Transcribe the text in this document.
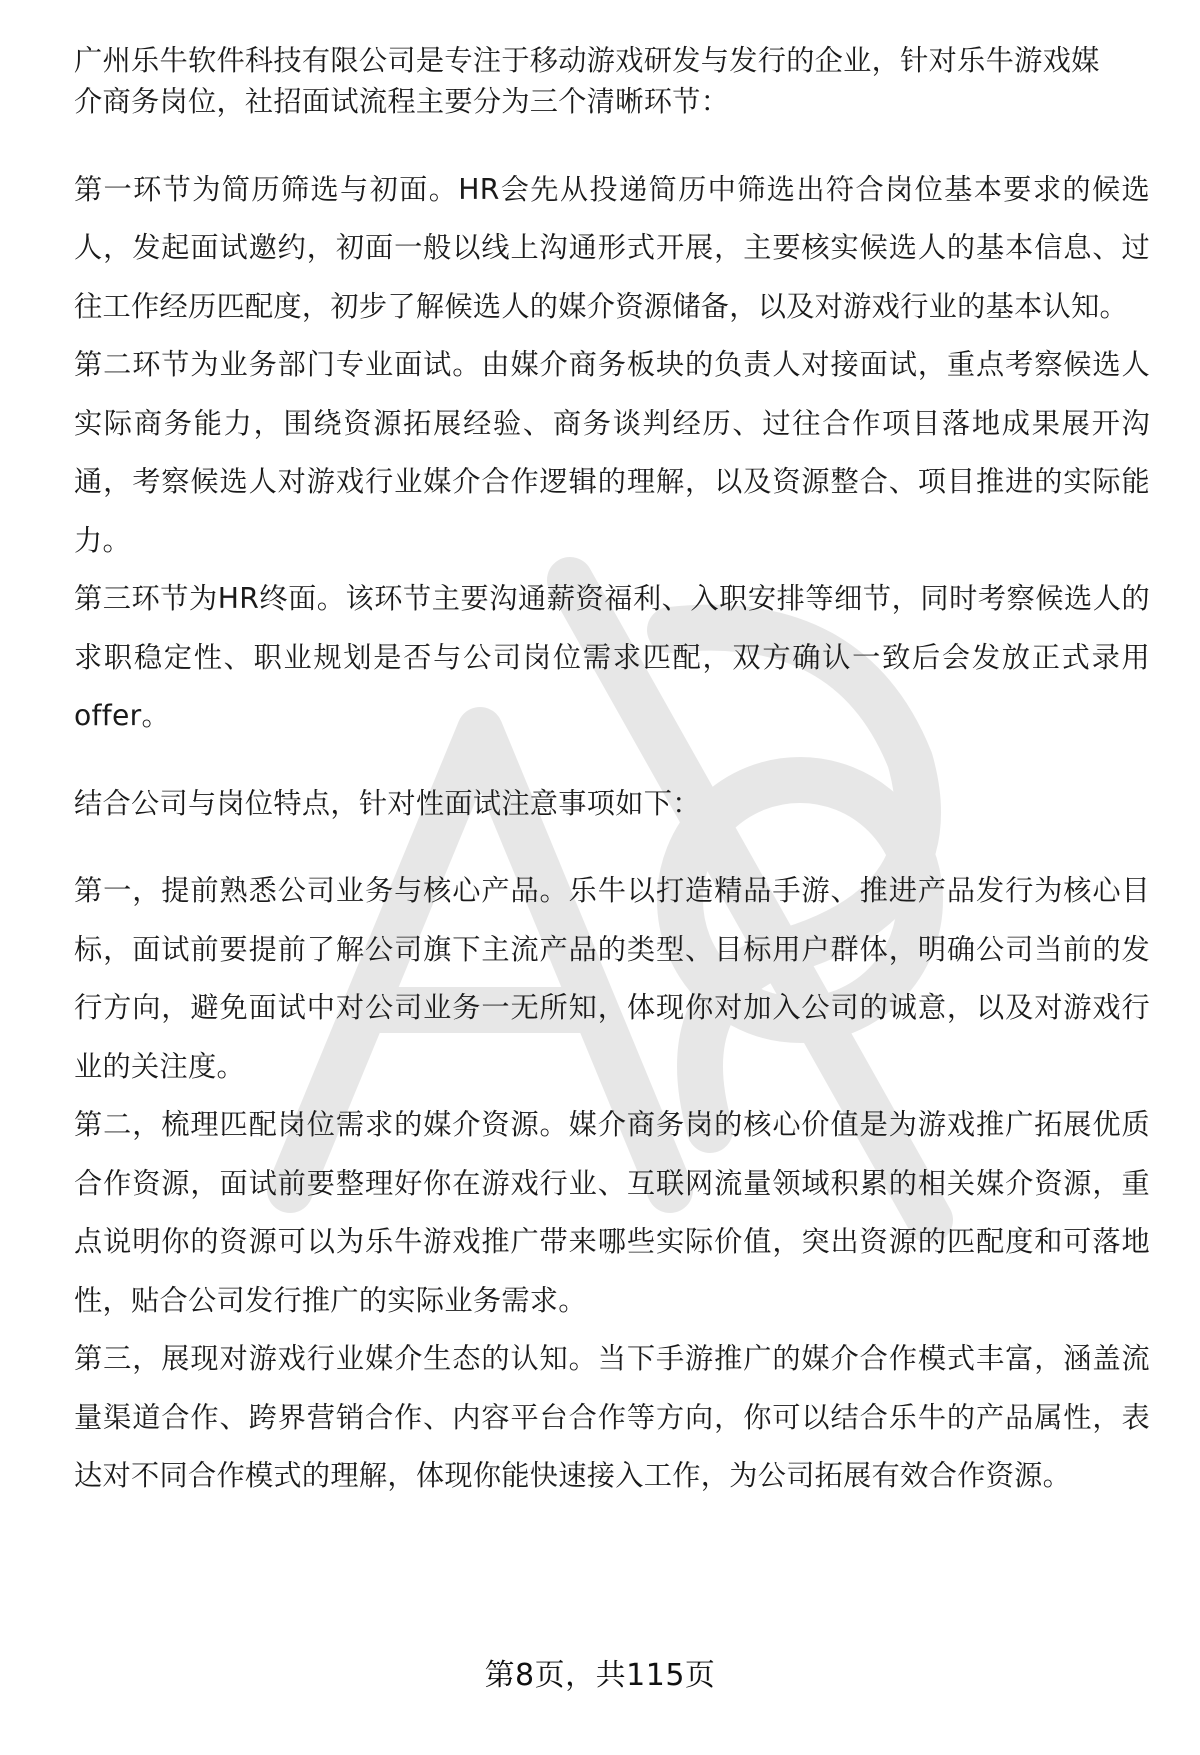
广州乐牛软件科技有限公司是专注于移动游戏研发与发行的企业，针对乐牛游戏媒

介商务岗位，社招面试流程主要分为三个清晰环节：

第一环节为简历筛选与初面。HR会先从投递简历中筛选出符合岗位基本要求的候选人，发起面试邀约，初面一般以线上沟通形式开展，主要核实候选人的基本信息、过往工作经历匹配度，初步了解候选人的媒介资源储备，以及对游戏行业的基本认知。

第二环节为业务部门专业面试。由媒介商务板块的负责人对接面试，重点考察候选人实际商务能力，围绕资源拓展经验、商务谈判经历、过往合作项目落地成果展开沟通，考察候选人对游戏行业媒介合作逻辑的理解，以及资源整合、项目推进的实际能力。

第三环节为HR终面。该环节主要沟通薪资福利、入职安排等细节，同时考察候选人的求职稳定性、职业规划是否与公司岗位需求匹配，双方确认一致后会发放正式录用offer。

结合公司与岗位特点，针对性面试注意事项如下：

第一，提前熟悉公司业务与核心产品。乐牛以打造精品手游、推进产品发行为核心目标，面试前要提前了解公司旗下主流产品的类型、目标用户群体，明确公司当前的发行方向，避免面试中对公司业务一无所知，体现你对加入公司的诚意，以及对游戏行业的关注度。

第二，梳理匹配岗位需求的媒介资源。媒介商务岗的核心价值是为游戏推广拓展优质合作资源，面试前要整理好你在游戏行业、互联网流量领域积累的相关媒介资源，重点说明你的资源可以为乐牛游戏推广带来哪些实际价值，突出资源的匹配度和可落地性，贴合公司发行推广的实际业务需求。

第三，展现对游戏行业媒介生态的认知。当下手游推广的媒介合作模式丰富，涵盖流量渠道合作、跨界营销合作、内容平台合作等方向，你可以结合乐牛的产品属性，表达对不同合作模式的理解，体现你能快速接入工作，为公司拓展有效合作资源。

第8页，共115页
